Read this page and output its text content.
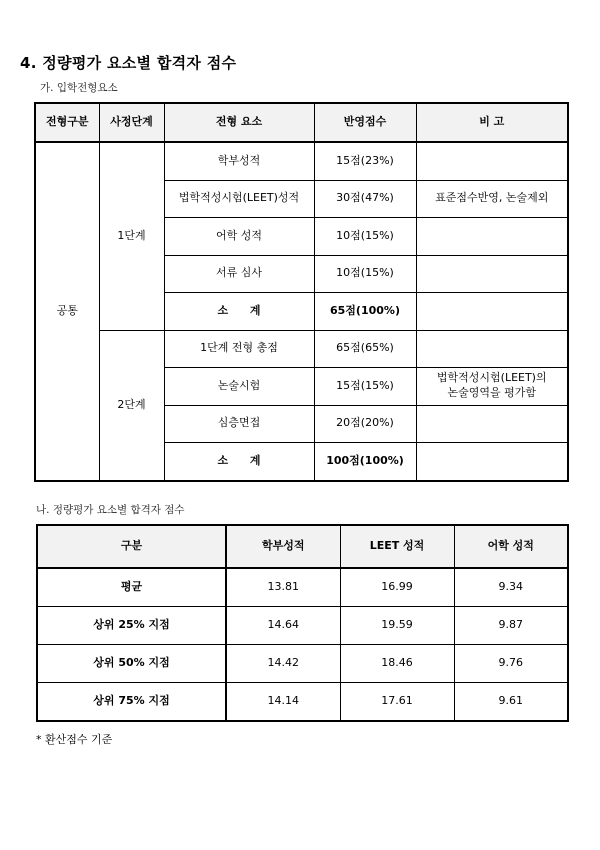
4. 정량평가 요소별 합격자 점수
가. 입학전형요소
전형구분	사정단계	전형 요소	반영점수	비 고
공통	1단계	학부성적	15점(23%)	
		법학적성시험(LEET)성적	30점(47%)	표준점수반영, 논술제외
		어학 성적	10점(15%)	
		서류 심사	10점(15%)	
		소 계	65점(100%)	
	2단계	1단계 전형 총점	65점(65%)	
		논술시험	15점(15%)	법학적성시험(LEET)의
논술영역을 평가함
		심층면접	20점(20%)	
		소 계	100점(100%)	
나. 정량평가 요소별 합격자 점수
구분	학부성적	LEET 성적	어학 성적
평균	13.81	16.99	9.34
상위 25% 지점	14.64	19.59	9.87
상위 50% 지점	14.42	18.46	9.76
상위 75% 지점	14.14	17.61	9.61
* 환산점수 기준
